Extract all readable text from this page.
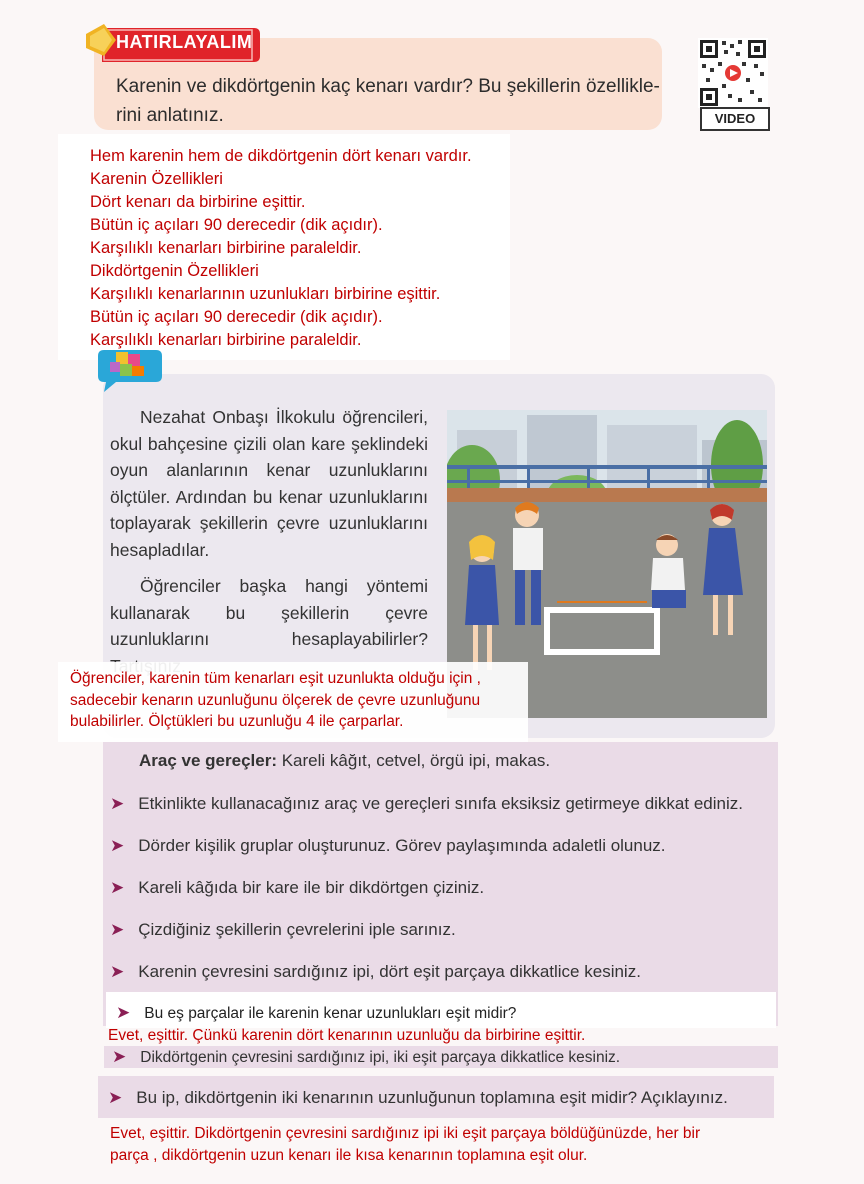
HATIRLAYALIM
Karenin ve dikdörtgenin kaç kenarı vardır? Bu şekillerin özellikle-
rini anlatınız.	VIDEO
Hem karenin hem de dikdörtgenin dört kenarı vardır.
Karenin Özellikleri
Dört kenarı da birbirine eşittir.
Bütün iç açıları 90 derecedir (dik açıdır).
Karşılıklı kenarları birbirine paraleldir.
Dikdörtgenin Özellikleri
Karşılıklı kenarlarının uzunlukları birbirine eşittir.
Bütün iç açıları 90 derecedir (dik açıdır).
Karşılıklı kenarları birbirine paraleldir.

Nezahat Onbaşı İlkokulu öğrencileri, okul bahçesine çizili olan kare şeklindeki oyun alanlarının kenar uzunluklarını ölçtüler. Ardından bu kenar uzunluklarını toplayarak şekillerin çevre uzunluklarını hesapladılar.

Öğrenciler başka hangi yöntemi kullanarak bu şekillerin çevre uzunluklarını hesaplayabilirler?

Öğrenciler, karenin tüm kenarları eşit uzunlukta olduğu için ,
sadecebir kenarın uzunluğunu ölçerek de çevre uzunluğunu
bulabilirler. Ölçtükleri bu uzunluğu 4 ile çarparlar.
Araç ve gereçler: Kareli kâğıt, cetvel, örgü ipi, makas.
➤ Etkinlikte kullanacağınız araç ve gereçleri sınıfa eksiksiz getirmeye dikkat ediniz.
➤ Dörder kişilik gruplar oluşturunuz. Görev paylaşımında adaletli olunuz.
➤ Kareli kâğıda bir kare ile bir dikdörtgen çiziniz.
➤ Çizdiğiniz şekillerin çevrelerini iple sarınız.
➤ Karenin çevresini sardığınız ipi, dört eşit parçaya dikkatlice kesiniz.
➤ Bu eş parçalar ile karenin kenar uzunlukları eşit midir?
Evet, eşittir. Çünkü karenin dört kenarının uzunluğu da birbirine eşittir.
➤ Dikdörtgenin çevresini sardığınız ipi, iki eşit parçaya dikkatlice kesiniz.
➤ Bu ip, dikdörtgenin iki kenarının uzunluğunun toplamına eşit midir? Açıklayınız.
Evet, eşittir. Dikdörtgenin çevresini sardığınız ipi iki eşit parçaya böldüğünüzde, her bir
parça , dikdörtgenin uzun kenarı ile kısa kenarının toplamına eşit olur.
